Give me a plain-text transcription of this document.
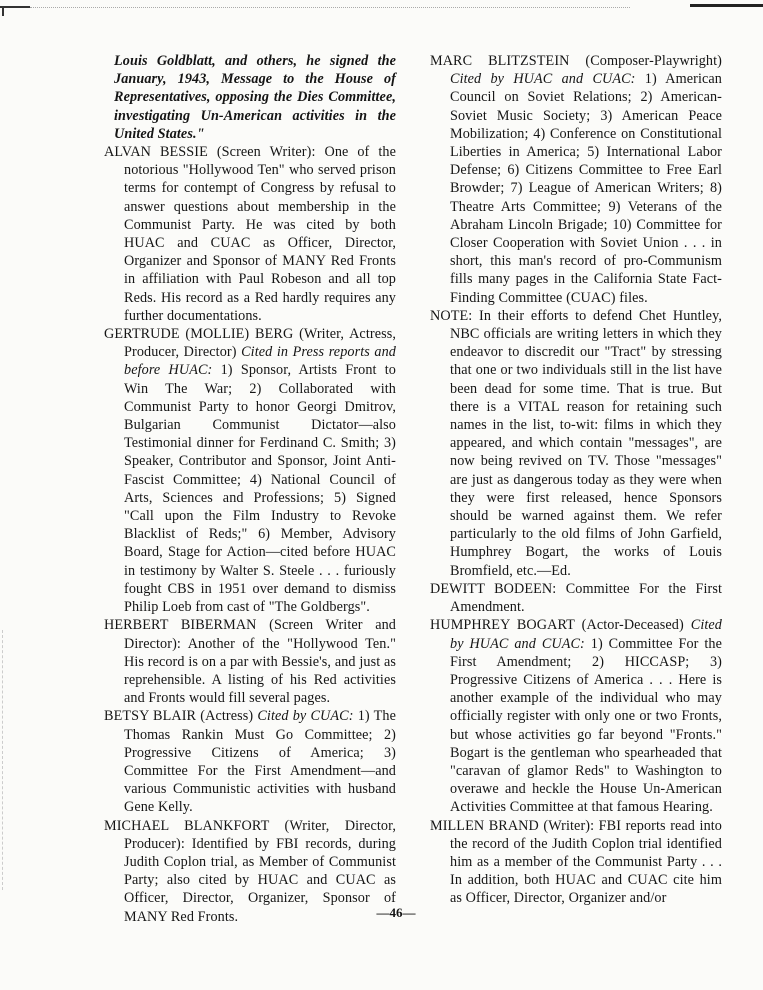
Louis Goldblatt, and others, he signed the January, 1943, Message to the House of Representatives, opposing the Dies Committee, investigating Un-American activities in the United States."

ALVAN BESSIE (Screen Writer): One of the notorious "Hollywood Ten" who served prison terms for contempt of Congress by refusal to answer questions about membership in the Communist Party. He was cited by both HUAC and CUAC as Officer, Director, Organizer and Sponsor of MANY Red Fronts in affiliation with Paul Robeson and all top Reds. His record as a Red hardly requires any further documentations.

GERTRUDE (MOLLIE) BERG (Writer, Actress, Producer, Director) Cited in Press reports and before HUAC: 1) Sponsor, Artists Front to Win The War; 2) Collaborated with Communist Party to honor Georgi Dmitrov, Bulgarian Communist Dictator—also Testimonial dinner for Ferdinand C. Smith; 3) Speaker, Contributor and Sponsor, Joint Anti-Fascist Committee; 4) National Council of Arts, Sciences and Professions; 5) Signed "Call upon the Film Industry to Revoke Blacklist of Reds;" 6) Member, Advisory Board, Stage for Action—cited before HUAC in testimony by Walter S. Steele . . . furiously fought CBS in 1951 over demand to dismiss Philip Loeb from cast of "The Goldbergs".

HERBERT BIBERMAN (Screen Writer and Director): Another of the "Hollywood Ten." His record is on a par with Bessie's, and just as reprehensible. A listing of his Red activities and Fronts would fill several pages.

BETSY BLAIR (Actress) Cited by CUAC: 1) The Thomas Rankin Must Go Committee; 2) Progressive Citizens of America; 3) Committee For the First Amendment—and various Communistic activities with husband Gene Kelly.

MICHAEL BLANKFORT (Writer, Director, Producer): Identified by FBI records, during Judith Coplon trial, as Member of Communist Party; also cited by HUAC and CUAC as Officer, Director, Organizer, Sponsor of MANY Red Fronts.

MARC BLITZSTEIN (Composer-Playwright) Cited by HUAC and CUAC: 1) American Council on Soviet Relations; 2) American-Soviet Music Society; 3) American Peace Mobilization; 4) Conference on Constitutional Liberties in America; 5) International Labor Defense; 6) Citizens Committee to Free Earl Browder; 7) League of American Writers; 8) Theatre Arts Committee; 9) Veterans of the Abraham Lincoln Brigade; 10) Committee for Closer Cooperation with Soviet Union . . . in short, this man's record of pro-Communism fills many pages in the California State Fact-Finding Committee (CUAC) files.

NOTE: In their efforts to defend Chet Huntley, NBC officials are writing letters in which they endeavor to discredit our "Tract" by stressing that one or two individuals still in the list have been dead for some time. That is true. But there is a VITAL reason for retaining such names in the list, to-wit: films in which they appeared, and which contain "messages", are now being revived on TV. Those "messages" are just as dangerous today as they were when they were first released, hence Sponsors should be warned against them. We refer particularly to the old films of John Garfield, Humphrey Bogart, the works of Louis Bromfield, etc.—Ed.

DEWITT BODEEN: Committee For the First Amendment.

HUMPHREY BOGART (Actor-Deceased) Cited by HUAC and CUAC: 1) Committee For the First Amendment; 2) HICCASP; 3) Progressive Citizens of America . . . Here is another example of the individual who may officially register with only one or two Fronts, but whose activities go far beyond "Fronts." Bogart is the gentleman who spearheaded that "caravan of glamor Reds" to Washington to overawe and heckle the House Un-American Activities Committee at that famous Hearing.

MILLEN BRAND (Writer): FBI reports read into the record of the Judith Coplon trial identified him as a member of the Communist Party . . . In addition, both HUAC and CUAC cite him as Officer, Director, Organizer and/or

—46—
